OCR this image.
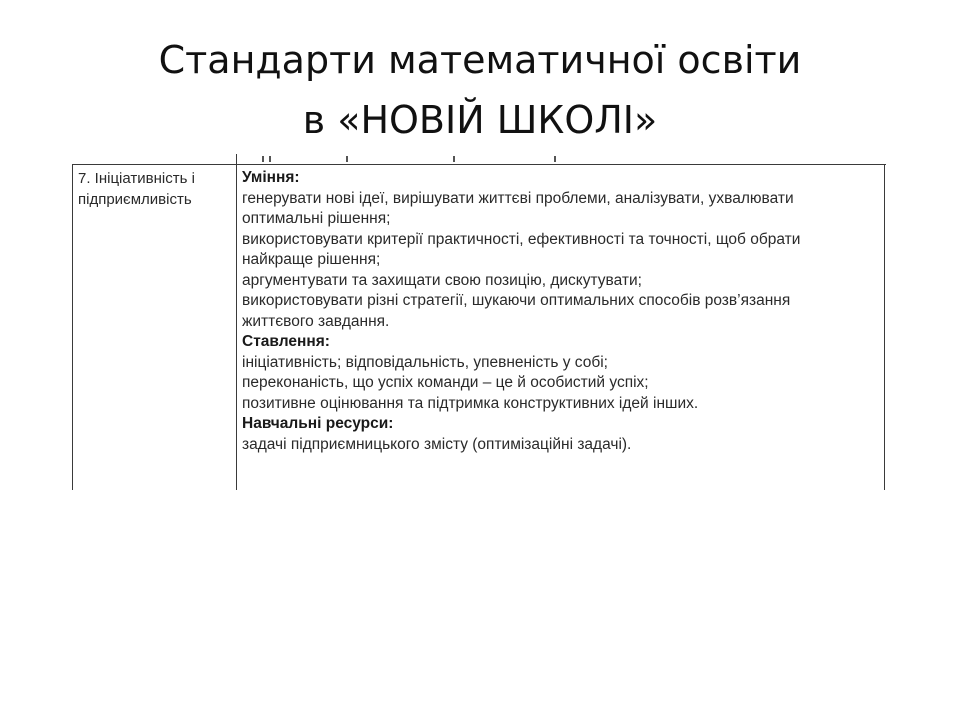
Стандарти математичної освіти
в «НОВІЙ ШКОЛІ»
7. Ініціативність і
підприємливість
Уміння:
генерувати нові ідеї, вирішувати життєві проблеми, аналізувати, ухвалювати
оптимальні рішення;
використовувати критерії практичності, ефективності та точності, щоб обрати
найкраще рішення;
аргументувати та захищати свою позицію, дискутувати;
використовувати різні стратегії, шукаючи оптимальних способів розв’язання
життєвого завдання.
Ставлення:
ініціативність; відповідальність, упевненість у собі;
переконаність, що успіх команди – це й особистий успіх;
позитивне оцінювання та підтримка конструктивних ідей інших.
Навчальні ресурси:
задачі підприємницького змісту (оптимізаційні задачі).
